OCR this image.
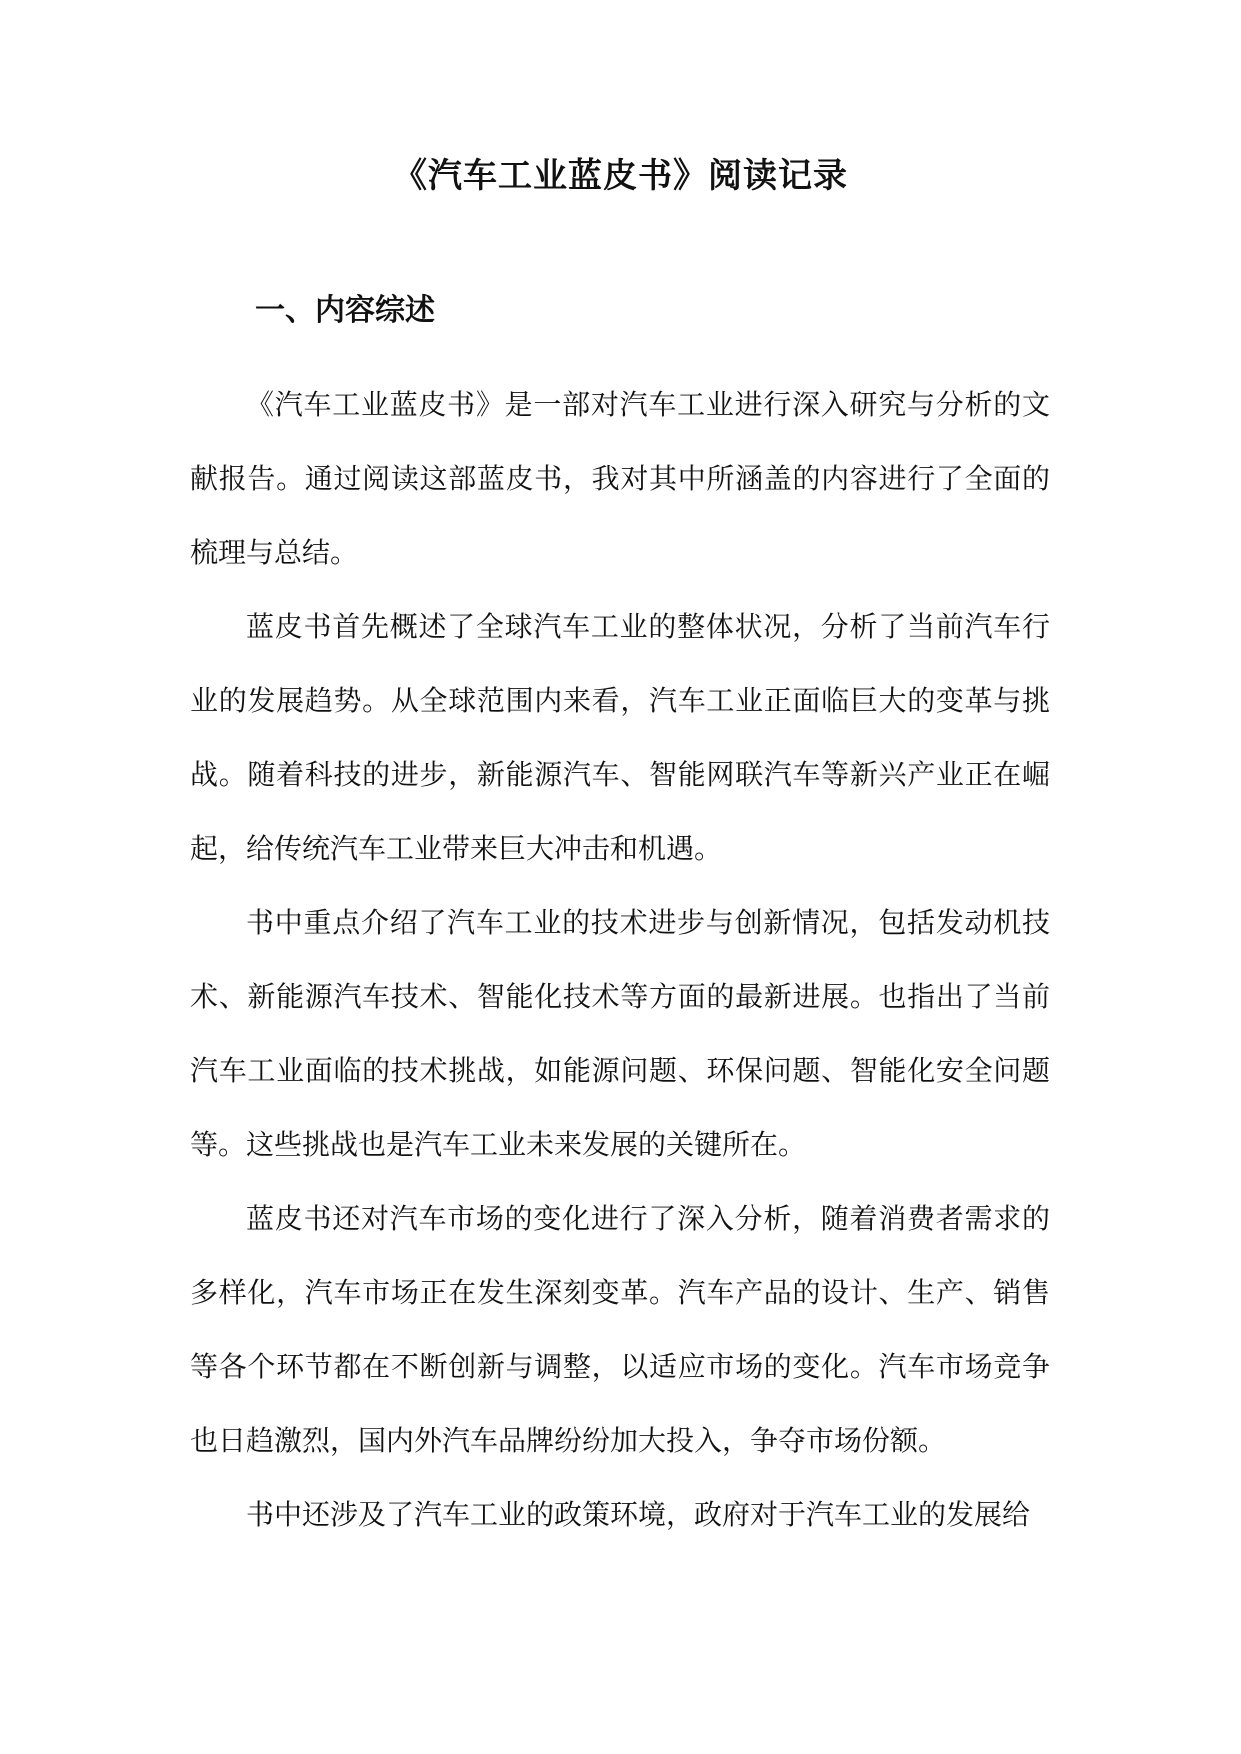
《汽车工业蓝皮书》阅读记录
一、内容综述

《汽车工业蓝皮书》是一部对汽车工业进行深入研究与分析的文献报告。通过阅读这部蓝皮书，我对其中所涵盖的内容进行了全面的梳理与总结。

蓝皮书首先概述了全球汽车工业的整体状况，分析了当前汽车行业的发展趋势。从全球范围内来看，汽车工业正面临巨大的变革与挑战。随着科技的进步，新能源汽车、智能网联汽车等新兴产业正在崛起，给传统汽车工业带来巨大冲击和机遇。

书中重点介绍了汽车工业的技术进步与创新情况，包括发动机技术、新能源汽车技术、智能化技术等方面的最新进展。也指出了当前汽车工业面临的技术挑战，如能源问题、环保问题、智能化安全问题等。这些挑战也是汽车工业未来发展的关键所在。

蓝皮书还对汽车市场的变化进行了深入分析，随着消费者需求的多样化，汽车市场正在发生深刻变革。汽车产品的设计、生产、销售等各个环节都在不断创新与调整，以适应市场的变化。汽车市场竞争也日趋激烈，国内外汽车品牌纷纷加大投入，争夺市场份额。

书中还涉及了汽车工业的政策环境，政府对于汽车工业的发展给
